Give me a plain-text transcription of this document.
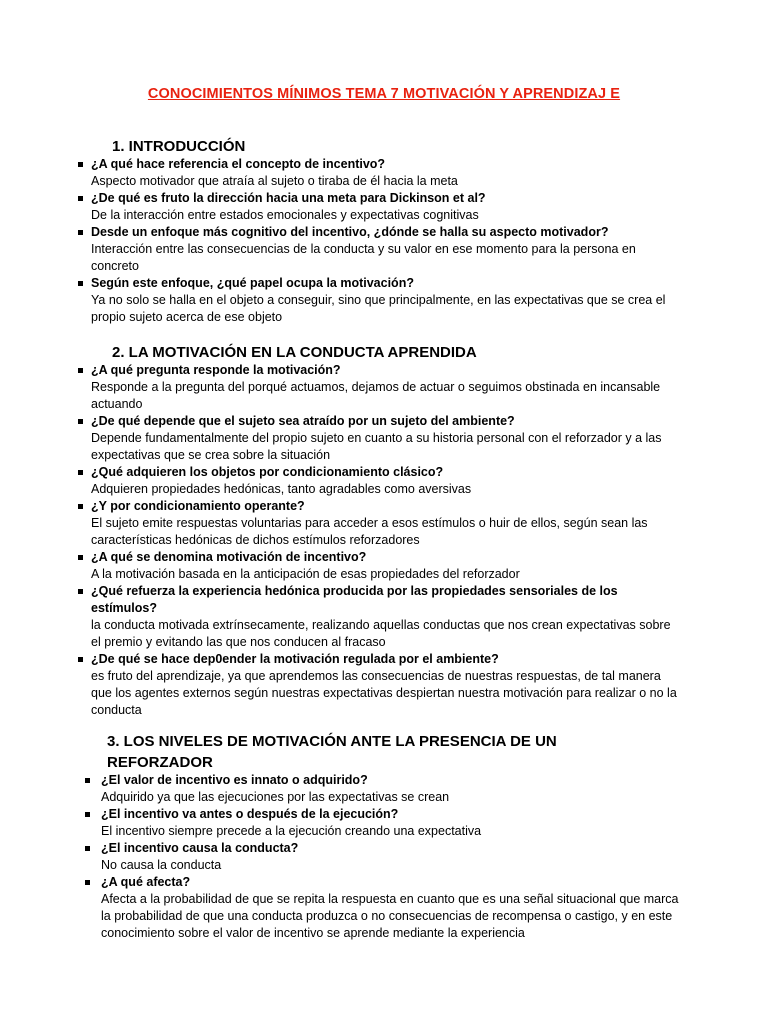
CONOCIMIENTOS MÍNIMOS TEMA 7 MOTIVACIÓN Y APRENDIZAJ E
1. INTRODUCCIÓN
¿A qué hace referencia el concepto de incentivo?
Aspecto motivador que atraía al sujeto o tiraba de él hacia la meta
¿De qué es fruto la dirección hacia una meta para Dickinson et al?
De la interacción entre estados emocionales y expectativas cognitivas
Desde un enfoque más cognitivo del incentivo, ¿dónde se halla su aspecto motivador?
Interacción entre las consecuencias de la conducta y su valor en ese momento para la persona en concreto
Según este enfoque, ¿qué papel ocupa la motivación?
Ya no solo se halla en el objeto a conseguir, sino que principalmente, en las expectativas que se crea el propio sujeto acerca de ese objeto
2. LA MOTIVACIÓN EN LA CONDUCTA APRENDIDA
¿A qué pregunta responde la motivación?
Responde a la pregunta del porqué actuamos, dejamos de actuar o seguimos obstinada en incansable actuando
¿De qué depende que el sujeto sea atraído por un sujeto del ambiente?
Depende fundamentalmente del propio sujeto en cuanto a su historia personal con el reforzador y a las expectativas que se crea sobre la situación
¿Qué adquieren los objetos por condicionamiento clásico?
Adquieren propiedades hedónicas, tanto agradables como aversivas
¿Y por condicionamiento operante?
El sujeto emite respuestas voluntarias para acceder a esos estímulos o huir de ellos, según sean las características hedónicas de dichos estímulos reforzadores
¿A qué se denomina motivación de incentivo?
A la motivación basada en la anticipación de esas propiedades del reforzador
¿Qué refuerza la experiencia hedónica producida por las propiedades sensoriales de los estímulos?
la conducta motivada extrínsecamente, realizando aquellas conductas que nos crean expectativas sobre el premio y evitando las que nos conducen al fracaso
¿De qué se hace dep0ender la motivación regulada por el ambiente?
es fruto del aprendizaje, ya que aprendemos las consecuencias de nuestras respuestas, de tal manera que los agentes externos según nuestras expectativas despiertan nuestra motivación para realizar o no la conducta
3. LOS NIVELES DE MOTIVACIÓN ANTE LA PRESENCIA DE UN REFORZADOR
¿El valor de incentivo es innato o adquirido?
Adquirido ya que las ejecuciones por las expectativas se crean
¿El incentivo va antes o después de la ejecución?
El incentivo siempre precede a la ejecución creando una expectativa
¿El incentivo causa la conducta?
No causa la conducta
¿A qué afecta?
Afecta a la probabilidad de que se repita la respuesta en cuanto que es una señal situacional que marca la probabilidad de que una conducta produzca o no consecuencias de recompensa o castigo, y en este conocimiento sobre el valor de incentivo se aprende mediante la experiencia
